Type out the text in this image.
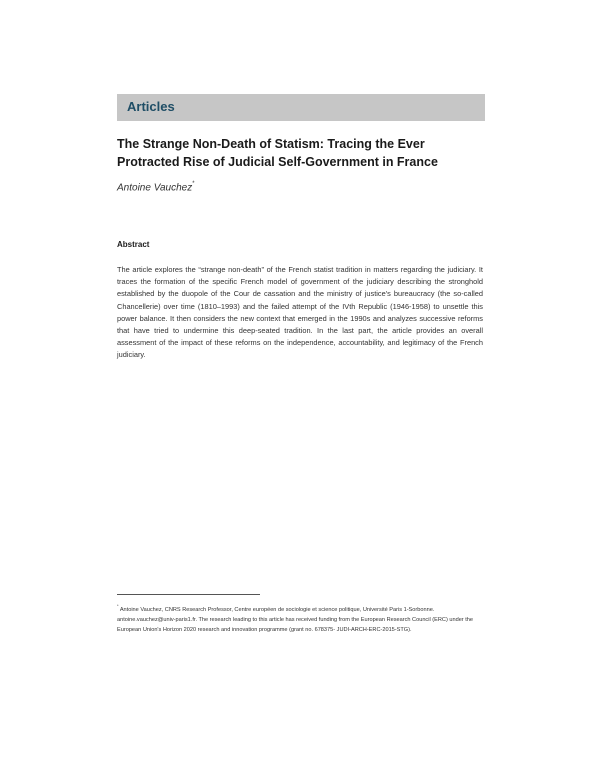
Articles
The Strange Non-Death of Statism: Tracing the Ever Protracted Rise of Judicial Self-Government in France
Antoine Vauchez*
Abstract

The article explores the “strange non-death” of the French statist tradition in matters regarding the judiciary. It traces the formation of the specific French model of government of the judiciary describing the stronghold established by the duopole of the Cour de cassation and the ministry of justice's bureaucracy (the so-called Chancellerie) over time (1810–1993) and the failed attempt of the IVth Republic (1946-1958) to unsettle this power balance. It then considers the new context that emerged in the 1990s and analyzes successive reforms that have tried to undermine this deep-seated tradition. In the last part, the article provides an overall assessment of the impact of these reforms on the independence, accountability, and legitimacy of the French judiciary.

* Antoine Vauchez, CNRS Research Professor, Centre européen de sociologie et science politique, Université Paris 1-Sorbonne. antoine.vauchez@univ-paris1.fr. The research leading to this article has received funding from the European Research Council (ERC) under the European Union's Horizon 2020 research and innovation programme (grant no. 678375- JUDI-ARCH-ERC-2015-STG).
